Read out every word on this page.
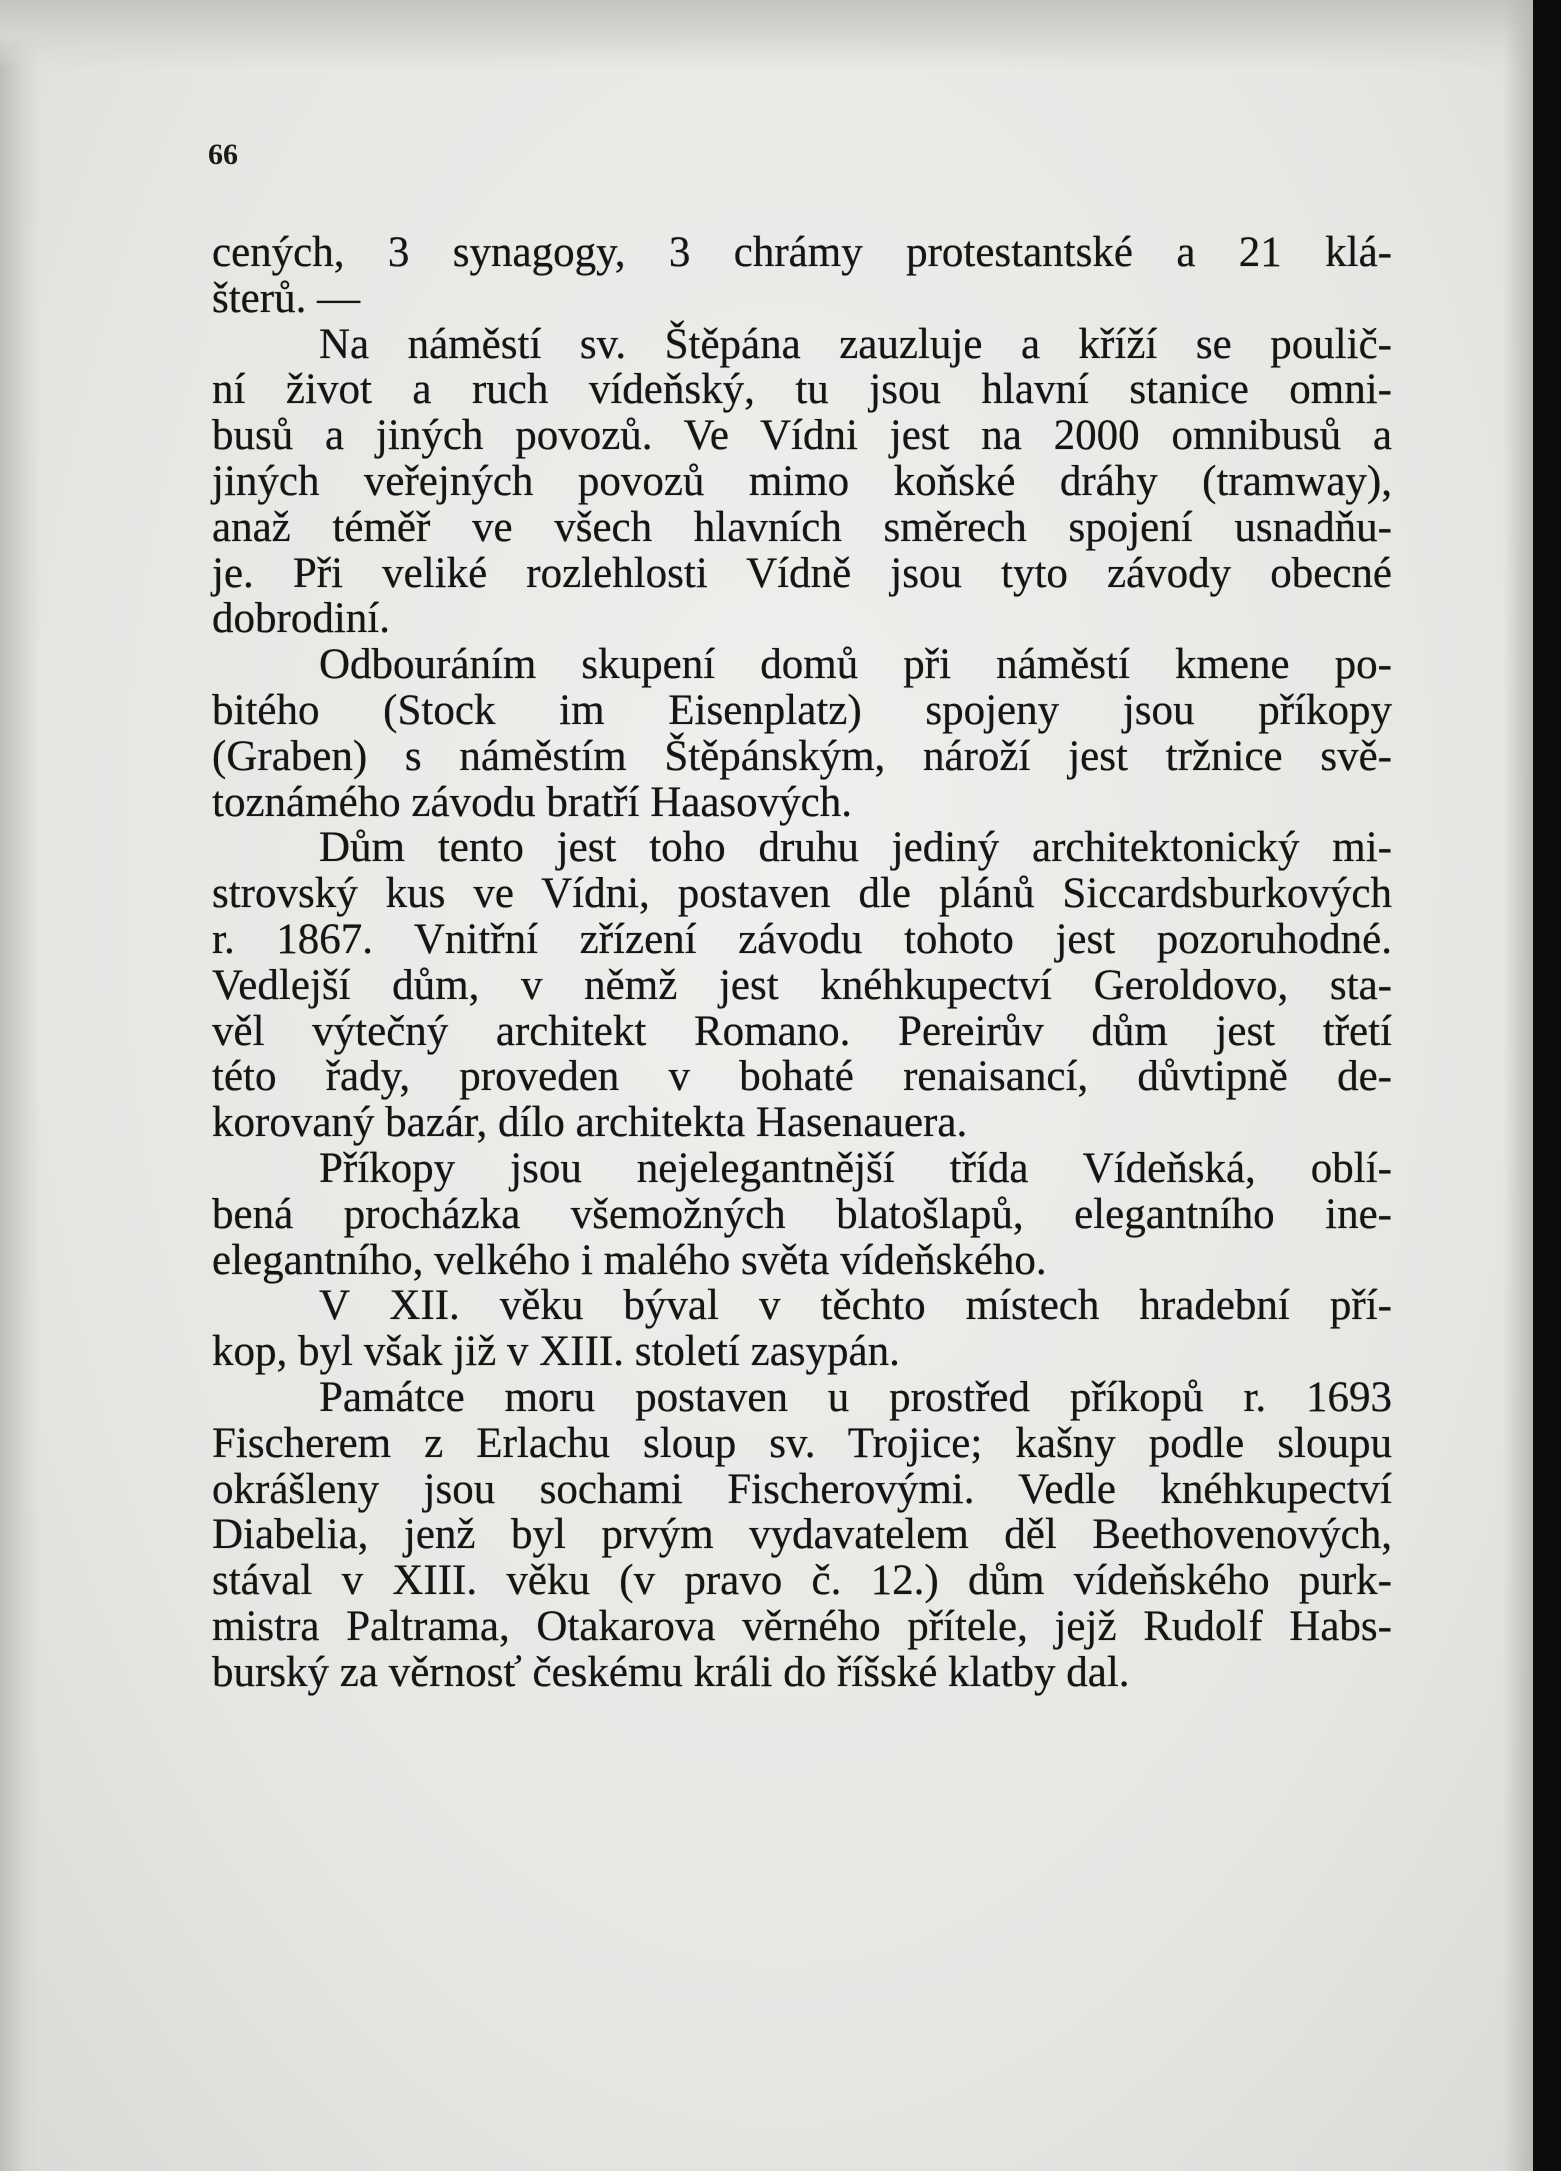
66
cených, 3 synagogy, 3 chrámy protestantské a 21 klá-
šterů. —
Na náměstí sv. Štěpána zauzluje a kříží se poulič-
ní život a ruch vídeňský, tu jsou hlavní stanice omni-
busů a jiných povozů. Ve Vídni jest na 2000 omnibusů a
jiných veřejných povozů mimo koňské dráhy (tramway),
anaž téměř ve všech hlavních směrech spojení usnadňu-
je. Při veliké rozlehlosti Vídně jsou tyto závody obecné
dobrodiní.
Odbouráním skupení domů při náměstí kmene po-
bitého (Stock im Eisenplatz) spojeny jsou příkopy
(Graben) s náměstím Štěpánským, nároží jest tržnice svě-
toznámého závodu bratří Haasových.
Dům tento jest toho druhu jediný architektonický mi-
strovský kus ve Vídni, postaven dle plánů Siccardsburkových
r. 1867. Vnitřní zřízení závodu tohoto jest pozoruhodné.
Vedlejší dům, v němž jest knéhkupectví Geroldovo, sta-
věl výtečný architekt Romano. Pereirův dům jest třetí
této řady, proveden v bohaté renaisancí, důvtipně de-
korovaný bazár, dílo architekta Hasenauera.
Příkopy jsou nejelegantnější třída Vídeňská, oblí-
bená procházka všemožných blatošlapů, elegantního ine-
elegantního, velkého i malého světa vídeňského.
V XII. věku býval v těchto místech hradební pří-
kop, byl však již v XIII. století zasypán.
Památce moru postaven u prostřed příkopů r. 1693
Fischerem z Erlachu sloup sv. Trojice; kašny podle sloupu
okrášleny jsou sochami Fischerovými. Vedle knéhkupectví
Diabelia, jenž byl prvým vydavatelem děl Beethovenových,
stával v XIII. věku (v pravo č. 12.) dům vídeňského purk-
mistra Paltrama, Otakarova věrného přítele, jejž Rudolf Habs-
burský za věrnosť českému králi do říšské klatby dal.
